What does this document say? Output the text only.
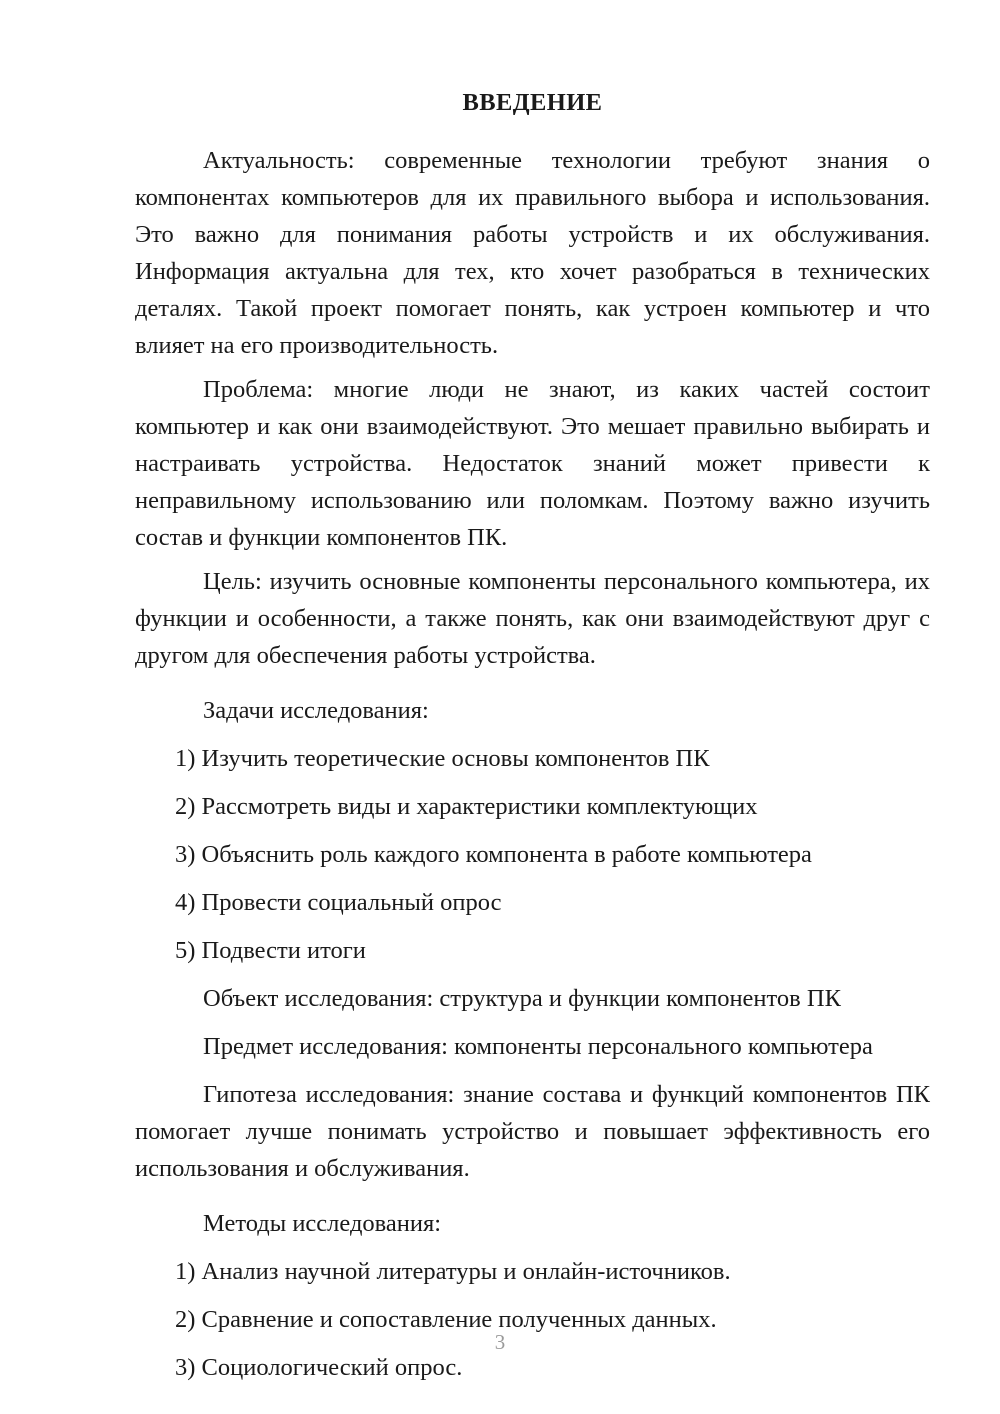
ВВЕДЕНИЕ

Актуальность: современные технологии требуют знания о компонентах компьютеров для их правильного выбора и использования. Это важно для понимания работы устройств и их обслуживания. Информация актуальна для тех, кто хочет разобраться в технических деталях. Такой проект помогает понять, как устроен компьютер и что влияет на его производительность.

Проблема: многие люди не знают, из каких частей состоит компьютер и как они взаимодействуют. Это мешает правильно выбирать и настраивать устройства. Недостаток знаний может привести к неправильному использованию или поломкам. Поэтому важно изучить состав и функции компонентов ПК.

Цель: изучить основные компоненты персонального компьютера, их функции и особенности, а также понять, как они взаимодействуют друг с другом для обеспечения работы устройства.

Задачи исследования:

1) Изучить теоретические основы компонентов ПК
2) Рассмотреть виды и характеристики комплектующих
3) Объяснить роль каждого компонента в работе компьютера
4) Провести социальный опрос
5) Подвести итоги

Объект исследования: структура и функции компонентов ПК

Предмет исследования: компоненты персонального компьютера

Гипотеза исследования: знание состава и функций компонентов ПК помогает лучше понимать устройство и повышает эффективность его использования и обслуживания.

Методы исследования:

1) Анализ научной литературы и онлайн-источников.
2) Сравнение и сопоставление полученных данных.
3) Социологический опрос.
3
